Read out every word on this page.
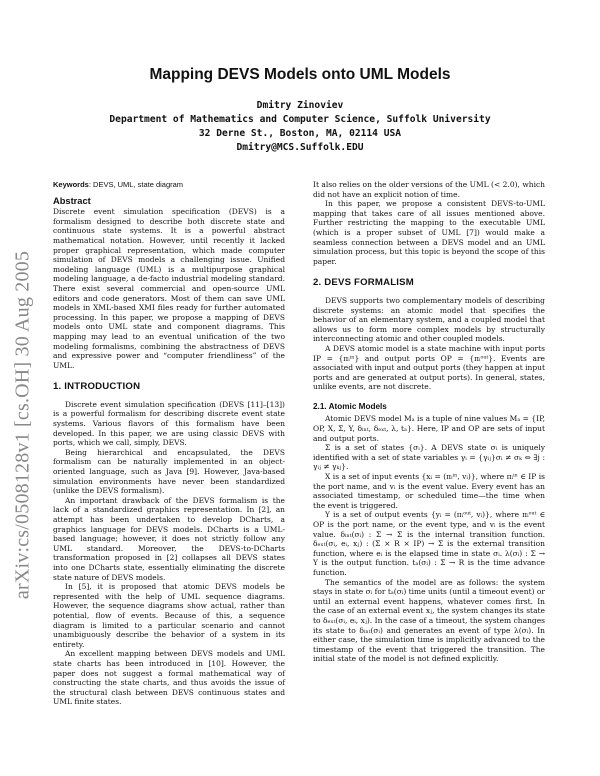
arXiv:cs/0508128v1 [cs.OH] 30 Aug 2005
Mapping DEVS Models onto UML Models
Dmitry Zinoviev
Department of Mathematics and Computer Science, Suffolk University
32 Derne St., Boston, MA, 02114 USA
Dmitry@MCS.Suffolk.EDU

Keywords: DEVS, UML, state diagram

Abstract

Discrete event simulation specification (DEVS) is a formalism designed to describe both discrete state and continuous state systems. It is a powerful abstract mathematical notation. However, until recently it lacked proper graphical representation, which made computer simulation of DEVS models a challenging issue. Unified modeling language (UML) is a multipurpose graphical modeling language, a de-facto industrial modeling standard. There exist several commercial and open-source UML editors and code generators. Most of them can save UML models in XML-based XMI files ready for further automated processing. In this paper, we propose a mapping of DEVS models onto UML state and component diagrams. This mapping may lead to an eventual unification of the two modeling formalisms, combining the abstractness of DEVS and expressive power and “computer friendliness” of the UML.

1. INTRODUCTION

Discrete event simulation specification (DEVS [11]–[13]) is a powerful formalism for describing discrete event state systems. Various flavors of this formalism have been developed. In this paper, we are using classic DEVS with ports, which we call, simply, DEVS.

Being hierarchical and encapsulated, the DEVS formalism can be naturally implemented in an object-oriented language, such as Java [9]. However, Java-based simulation environments have never been standardized (unlike the DEVS formalism).

An important drawback of the DEVS formalism is the lack of a standardized graphics representation. In [2], an attempt has been undertaken to develop DCharts, a graphics language for DEVS models. DCharts is a UML-based language; however, it does not strictly follow any UML standard. Moreover, the DEVS-to-DCharts transformation proposed in [2] collapses all DEVS states into one DCharts state, essentially eliminating the discrete state nature of DEVS models.

In [5], it is proposed that atomic DEVS models be represented with the help of UML sequence diagrams. However, the sequence diagrams show actual, rather than potential, flow of events. Because of this, a sequence diagram is limited to a particular scenario and cannot unambiguously describe the behavior of a system in its entirety.

An excellent mapping between DEVS models and UML state charts has been introduced in [10]. However, the paper does not suggest a formal mathematical way of constructing the state charts, and thus avoids the issue of the structural clash between DEVS continuous states and UML finite states.

It also relies on the older versions of the UML (< 2.0), which did not have an explicit notion of time.

In this paper, we propose a consistent DEVS-to-UML mapping that takes care of all issues mentioned above. Further restricting the mapping to the executable UML (which is a proper subset of UML [7]) would make a seamless connection between a DEVS model and an UML simulation process, but this topic is beyond the scope of this paper.

2. DEVS FORMALISM

DEVS supports two complementary models of describing discrete systems: an atomic model that specifies the behavior of an elementary system, and a coupled model that allows us to form more complex models by structurally interconnecting atomic and other coupled models.

A DEVS atomic model is a state machine with input ports IP = {πᵢⁱⁿ} and output ports OP = {πᵢᵒᵘᵗ}. Events are associated with input and output ports (they happen at input ports and are generated at output ports). In general, states, unlike events, are not discrete.

2.1. Atomic Models

Atomic DEVS model Mₐ is a tuple of nine values Mₐ = {IP, OP, X, Σ, Y, δᵢₙₜ, δₑₓₜ, λ, tₐ}. Here, IP and OP are sets of input and output ports.

Σ is a set of states {σᵢ}. A DEVS state σᵢ is uniquely identified with a set of state variables γᵢ = {γᵢⱼ}σᵢ ≠ σₖ ⇔ ∃j : γᵢⱼ ≠ γₖⱼ}.

X is a set of input events {xᵢ = (πᵢⁱⁿ, vᵢ)}, where πᵢⁱⁿ ∈ IP is the port name, and vᵢ is the event value. Every event has an associated timestamp, or scheduled time—the time when the event is triggered.

Y is a set of output events {yᵢ = (πᵢᵒᵘᵗ, vᵢ)}, where πᵢᵒᵘᵗ ∈ OP is the port name, or the event type, and vᵢ is the event value. δᵢₙₜ(σᵢ) : Σ → Σ is the internal transition function. δₑₓₜ(σᵢ, eᵢ, xⱼ) : (Σ × R × IP) → Σ is the external transition function, where eᵢ is the elapsed time in state σᵢ. λ(σᵢ) : Σ → Y is the output function. tₐ(σᵢ) : Σ → R is the time advance function.

The semantics of the model are as follows: the system stays in state σᵢ for tₐ(σᵢ) time units (until a timeout event) or until an external event happens, whatever comes first. In the case of an external event xⱼ, the system changes its state to δₑₓₜ(σᵢ, eᵢ, xⱼ). In the case of a timeout, the system changes its state to δᵢₙₜ(σᵢ) and generates an event of type λ(σᵢ). In either case, the simulation time is implicitly advanced to the timestamp of the event that triggered the transition. The initial state of the model is not defined explicitly.
